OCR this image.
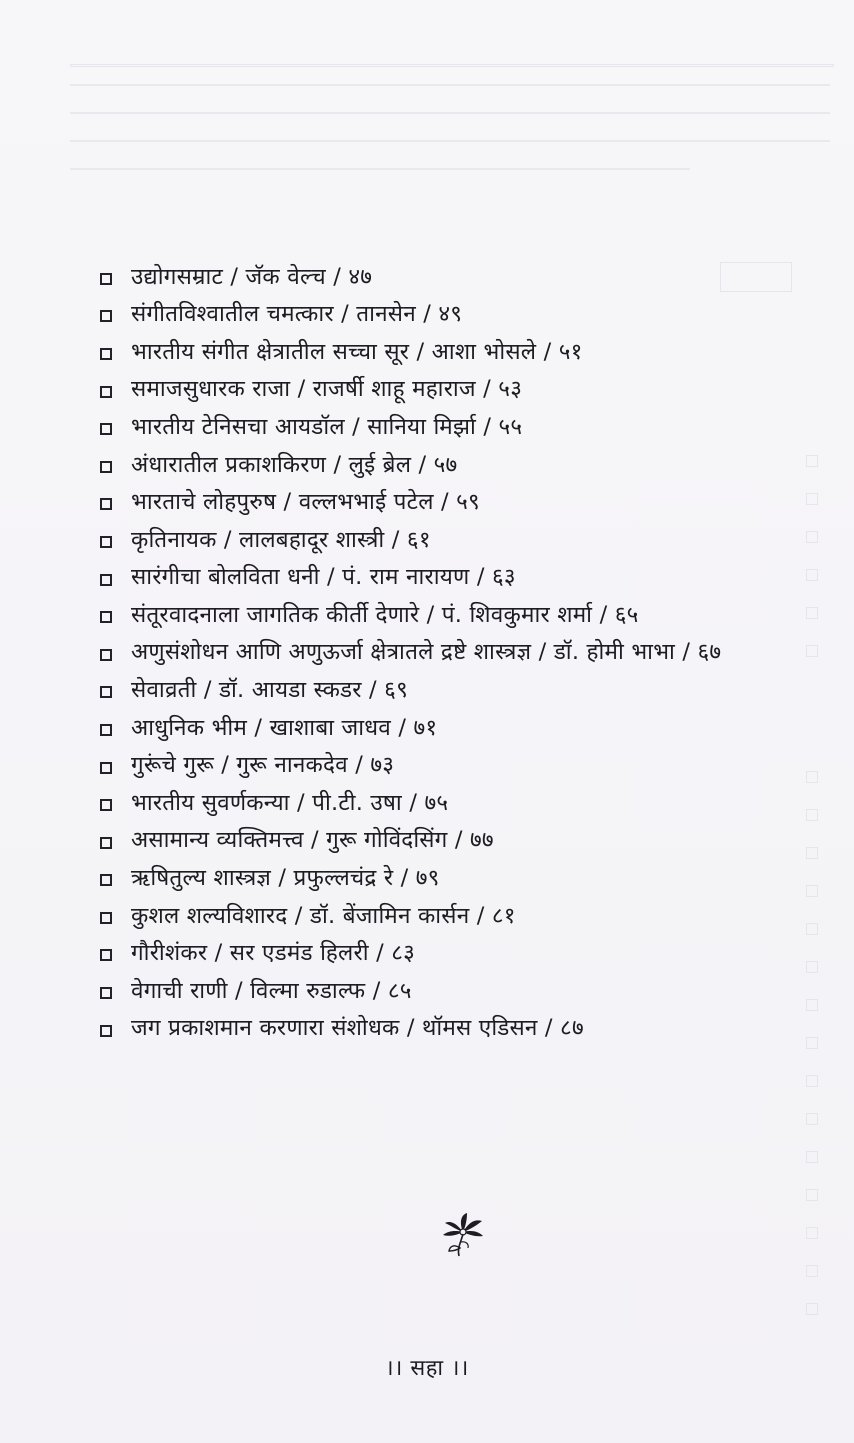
उद्योगसम्राट / जॅक वेल्च / ४७
संगीतविश्वातील चमत्कार / तानसेन / ४९
भारतीय संगीत क्षेत्रातील सच्चा सूर / आशा भोसले / ५१
समाजसुधारक राजा / राजर्षी शाहू महाराज / ५३
भारतीय टेनिसचा आयडॉल / सानिया मिर्झा / ५५
अंधारातील प्रकाशकिरण / लुई ब्रेल / ५७
भारताचे लोहपुरुष / वल्लभभाई पटेल / ५९
कृतिनायक / लालबहादूर शास्त्री / ६१
सारंगीचा बोलविता धनी / पं. राम नारायण / ६३
संतूरवादनाला जागतिक कीर्ती देणारे / पं. शिवकुमार शर्मा / ६५
अणुसंशोधन आणि अणुऊर्जा क्षेत्रातले द्रष्टे शास्त्रज्ञ / डॉ. होमी भाभा / ६७
सेवाव्रती / डॉ. आयडा स्कडर / ६९
आधुनिक भीम / खाशाबा जाधव / ७१
गुरूंचे गुरू / गुरू नानकदेव / ७३
भारतीय सुवर्णकन्या / पी.टी. उषा / ७५
असामान्य व्यक्तिमत्त्व / गुरू गोविंदसिंग / ७७
ऋषितुल्य शास्त्रज्ञ / प्रफुल्लचंद्र रे / ७९
कुशल शल्यविशारद / डॉ. बेंजामिन कार्सन / ८१
गौरीशंकर / सर एडमंड हिलरी / ८३
वेगाची राणी / विल्मा रुडाल्फ / ८५
जग प्रकाशमान करणारा संशोधक / थॉमस एडिसन / ८७
।। सहा ।।
